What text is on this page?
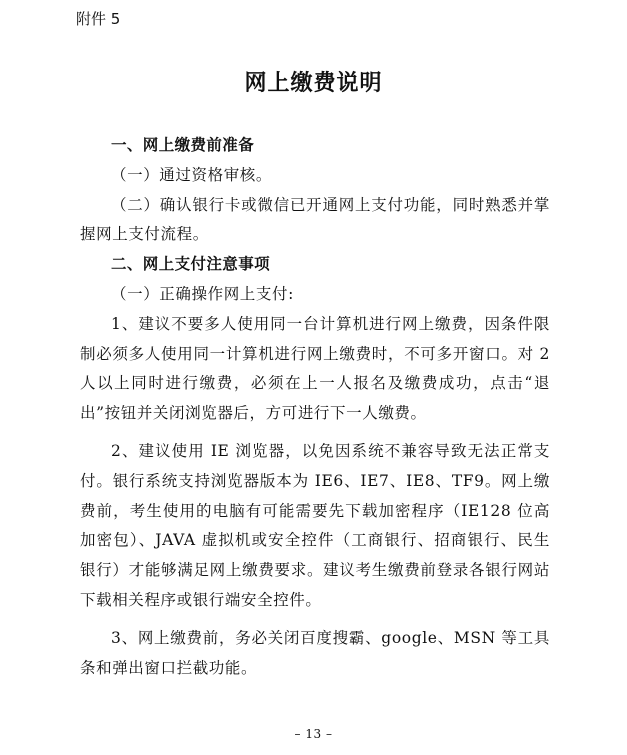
附件 5
网上缴费说明

一、网上缴费前准备

（一）通过资格审核。

（二）确认银行卡或微信已开通网上支付功能，同时熟悉并掌握网上支付流程。

二、网上支付注意事项

（一）正确操作网上支付:

1、建议不要多人使用同一台计算机进行网上缴费，因条件限制必须多人使用同一计算机进行网上缴费时，不可多开窗口。对 2 人以上同时进行缴费，必须在上一人报名及缴费成功，点击“退出”按钮并关闭浏览器后，方可进行下一人缴费。

2、建议使用 IE 浏览器，以免因系统不兼容导致无法正常支付。银行系统支持浏览器版本为 IE6、IE7、IE8、TF9。网上缴费前，考生使用的电脑有可能需要先下载加密程序（IE128 位高加密包）、JAVA 虚拟机或安全控件（工商银行、招商银行、民生银行）才能够满足网上缴费要求。建议考生缴费前登录各银行网站下载相关程序或银行端安全控件。

3、网上缴费前，务必关闭百度搜霸、google、MSN 等工具条和弹出窗口拦截功能。

– 13 –
